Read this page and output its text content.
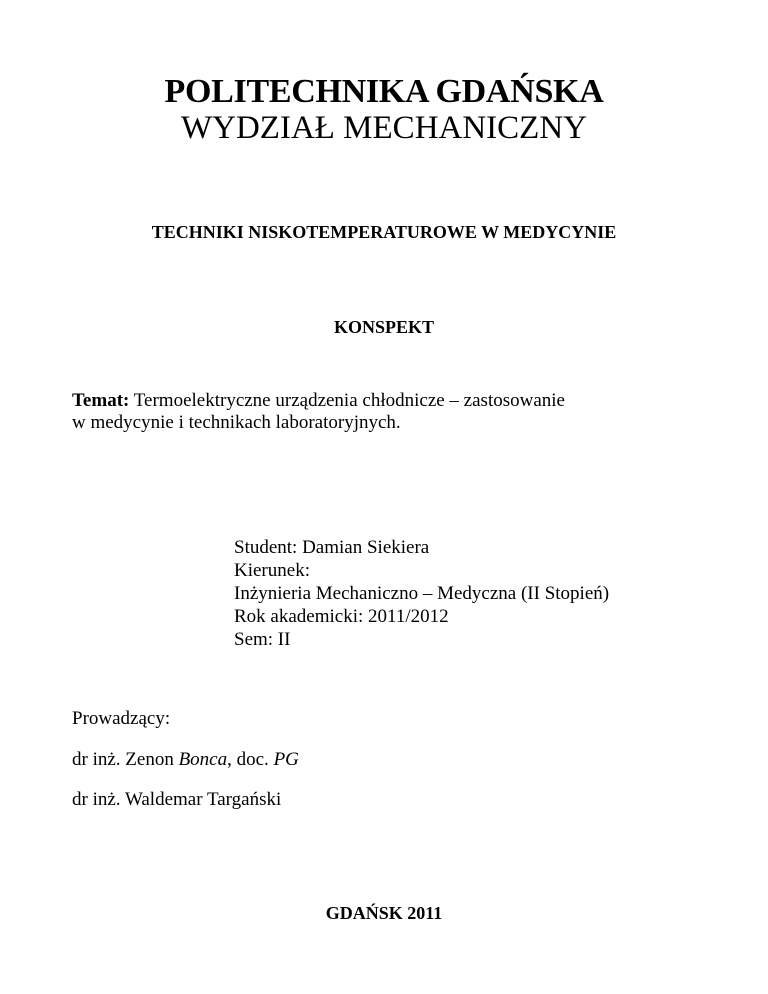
POLITECHNIKA GDAŃSKA
WYDZIAŁ MECHANICZNY
TECHNIKI NISKOTEMPERATUROWE W MEDYCYNIE
KONSPEKT
Temat: Termoelektryczne urządzenia chłodnicze – zastosowanie
w medycynie i technikach laboratoryjnych.
Student: Damian Siekiera
Kierunek:
Inżynieria Mechaniczno – Medyczna (II Stopień)
Rok akademicki: 2011/2012
Sem: II
Prowadzący:
dr inż. Zenon Bonca, doc. PG
dr inż. Waldemar Targański
GDAŃSK 2011
